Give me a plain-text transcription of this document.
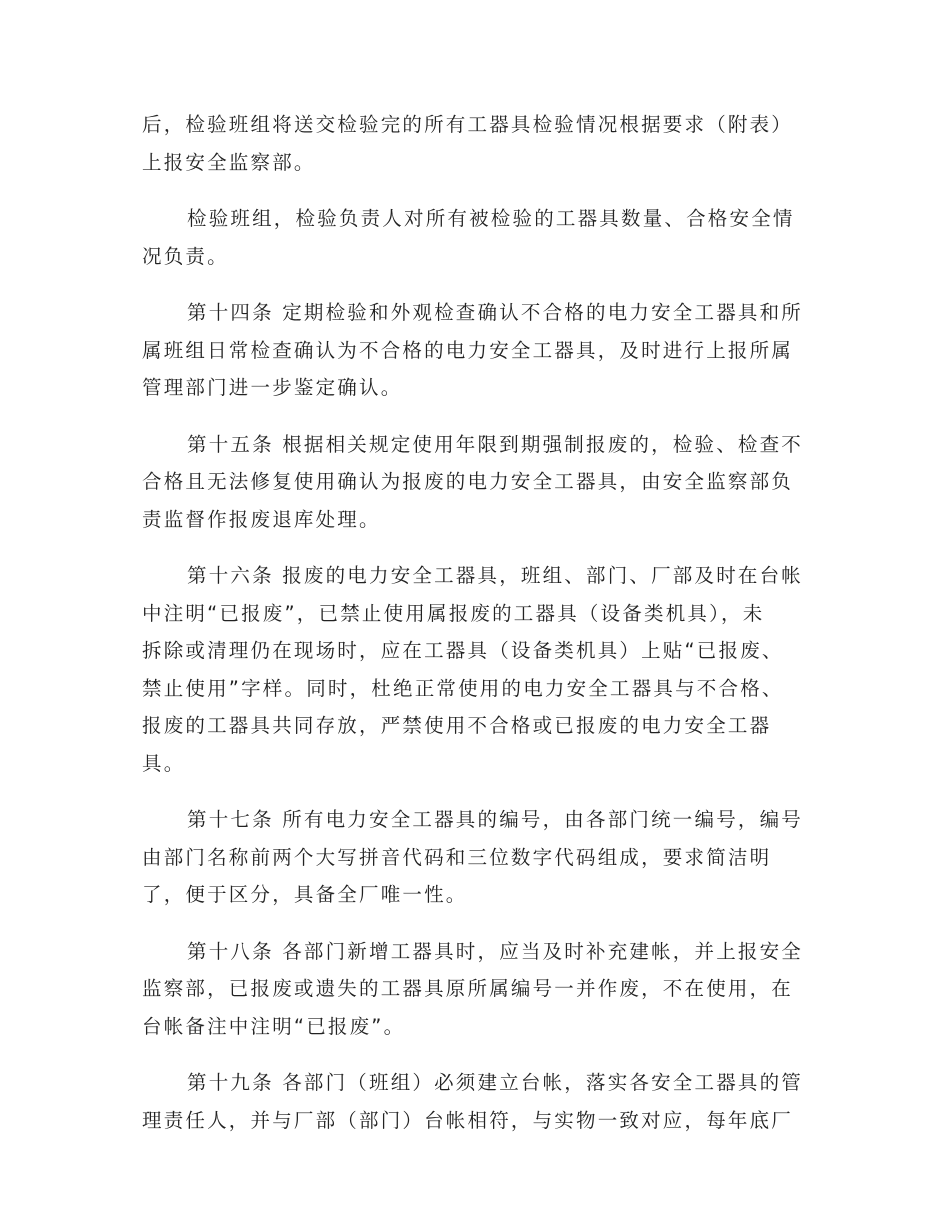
后，检验班组将送交检验完的所有工器具检验情况根据要求（附表）
上报安全监察部。

检验班组，检验负责人对所有被检验的工器具数量、合格安全情
况负责。

第十四条 定期检验和外观检查确认不合格的电力安全工器具和所
属班组日常检查确认为不合格的电力安全工器具，及时进行上报所属
管理部门进一步鉴定确认。

第十五条 根据相关规定使用年限到期强制报废的，检验、检查不
合格且无法修复使用确认为报废的电力安全工器具，由安全监察部负
责监督作报废退库处理。

第十六条 报废的电力安全工器具，班组、部门、厂部及时在台帐
中注明“已报废”，已禁止使用属报废的工器具（设备类机具），未
拆除或清理仍在现场时，应在工器具（设备类机具）上贴“已报废、
禁止使用”字样。同时，杜绝正常使用的电力安全工器具与不合格、
报废的工器具共同存放，严禁使用不合格或已报废的电力安全工器
具。

第十七条 所有电力安全工器具的编号，由各部门统一编号，编号
由部门名称前两个大写拼音代码和三位数字代码组成，要求简洁明
了，便于区分，具备全厂唯一性。

第十八条 各部门新增工器具时，应当及时补充建帐，并上报安全
监察部，已报废或遗失的工器具原所属编号一并作废，不在使用，在
台帐备注中注明“已报废”。

第十九条 各部门（班组）必须建立台帐，落实各安全工器具的管
理责任人，并与厂部（部门）台帐相符，与实物一致对应，每年底厂
